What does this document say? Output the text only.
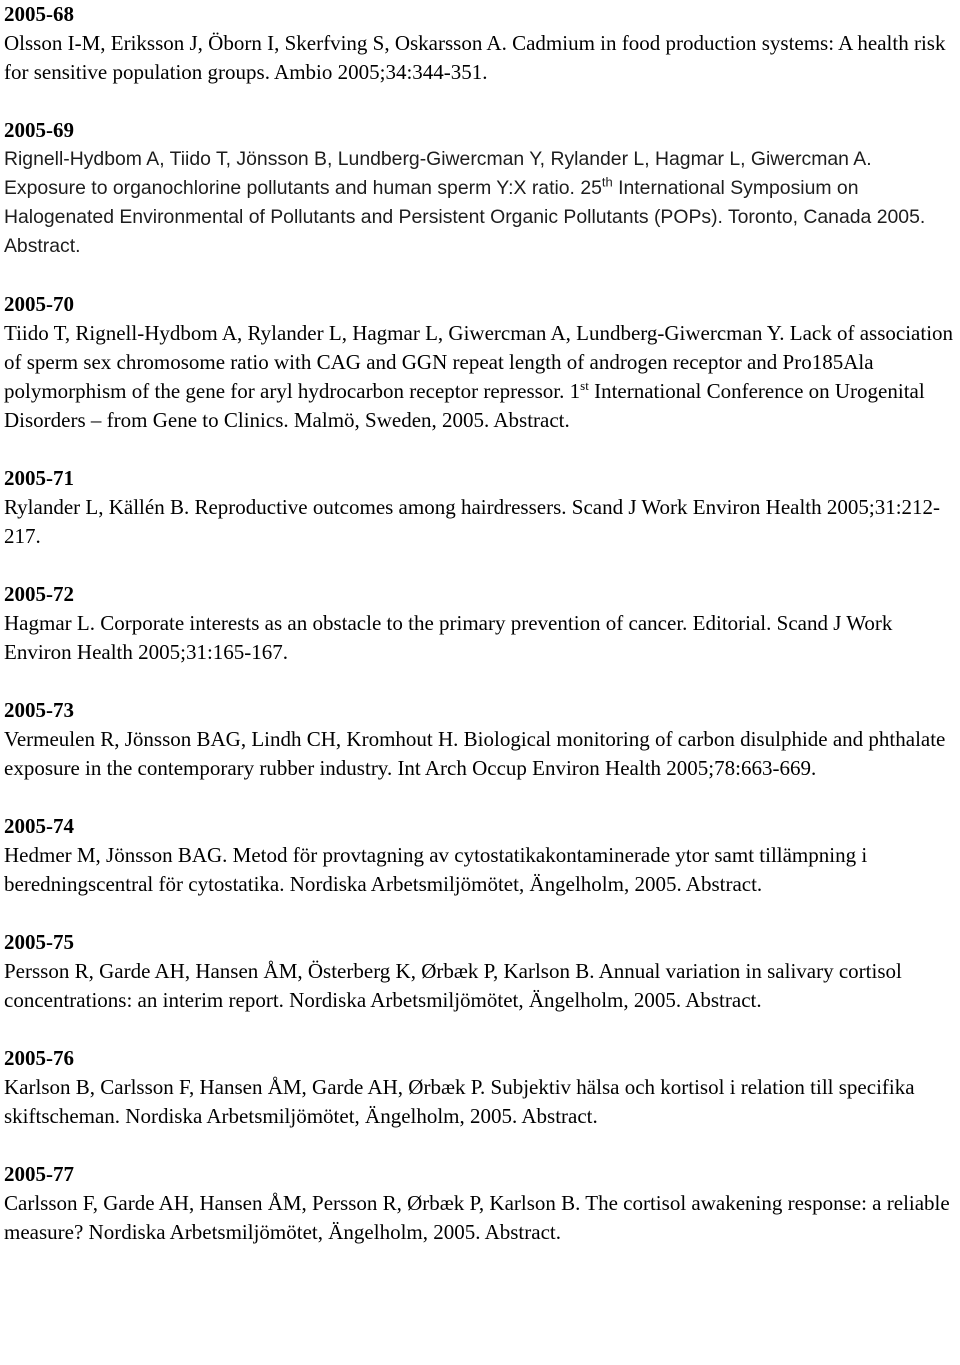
2005-68
Olsson I-M, Eriksson J, Öborn I, Skerfving S, Oskarsson A. Cadmium in food production systems: A health risk for sensitive population groups. Ambio 2005;34:344-351.
2005-69
Rignell-Hydbom A, Tiido T, Jönsson B, Lundberg-Giwercman Y, Rylander L, Hagmar L, Giwercman A. Exposure to organochlorine pollutants and human sperm Y:X ratio. 25th International Symposium on Halogenated Environmental of Pollutants and Persistent Organic Pollutants (POPs). Toronto, Canada 2005. Abstract.
2005-70
Tiido T, Rignell-Hydbom A, Rylander L, Hagmar L, Giwercman A, Lundberg-Giwercman Y. Lack of association of sperm sex chromosome ratio with CAG and GGN repeat length of androgen receptor and Pro185Ala polymorphism of the gene for aryl hydrocarbon receptor repressor. 1st International Conference on Urogenital Disorders – from Gene to Clinics. Malmö, Sweden, 2005. Abstract.
2005-71
Rylander L, Källén B. Reproductive outcomes among hairdressers. Scand J Work Environ Health 2005;31:212-217.
2005-72
Hagmar L. Corporate interests as an obstacle to the primary prevention of cancer. Editorial. Scand J Work Environ Health 2005;31:165-167.
2005-73
Vermeulen R, Jönsson BAG, Lindh CH, Kromhout H. Biological monitoring of carbon disulphide and phthalate exposure in the contemporary rubber industry. Int Arch Occup Environ Health 2005;78:663-669.
2005-74
Hedmer M, Jönsson BAG. Metod för provtagning av cytostatikakontaminerade ytor samt tillämpning i beredningscentral för cytostatika. Nordiska Arbetsmiljömötet, Ängelholm, 2005. Abstract.
2005-75
Persson R, Garde AH, Hansen ÅM, Österberg K, Ørbæk P, Karlson B. Annual variation in salivary cortisol concentrations: an interim report. Nordiska Arbetsmiljömötet, Ängelholm, 2005. Abstract.
2005-76
Karlson B, Carlsson F, Hansen ÅM, Garde AH, Ørbæk P. Subjektiv hälsa och kortisol i relation till specifika skiftscheman. Nordiska Arbetsmiljömötet, Ängelholm, 2005. Abstract.
2005-77
Carlsson F, Garde AH, Hansen ÅM, Persson R, Ørbæk P, Karlson B. The cortisol awakening response: a reliable measure? Nordiska Arbetsmiljömötet, Ängelholm, 2005. Abstract.
